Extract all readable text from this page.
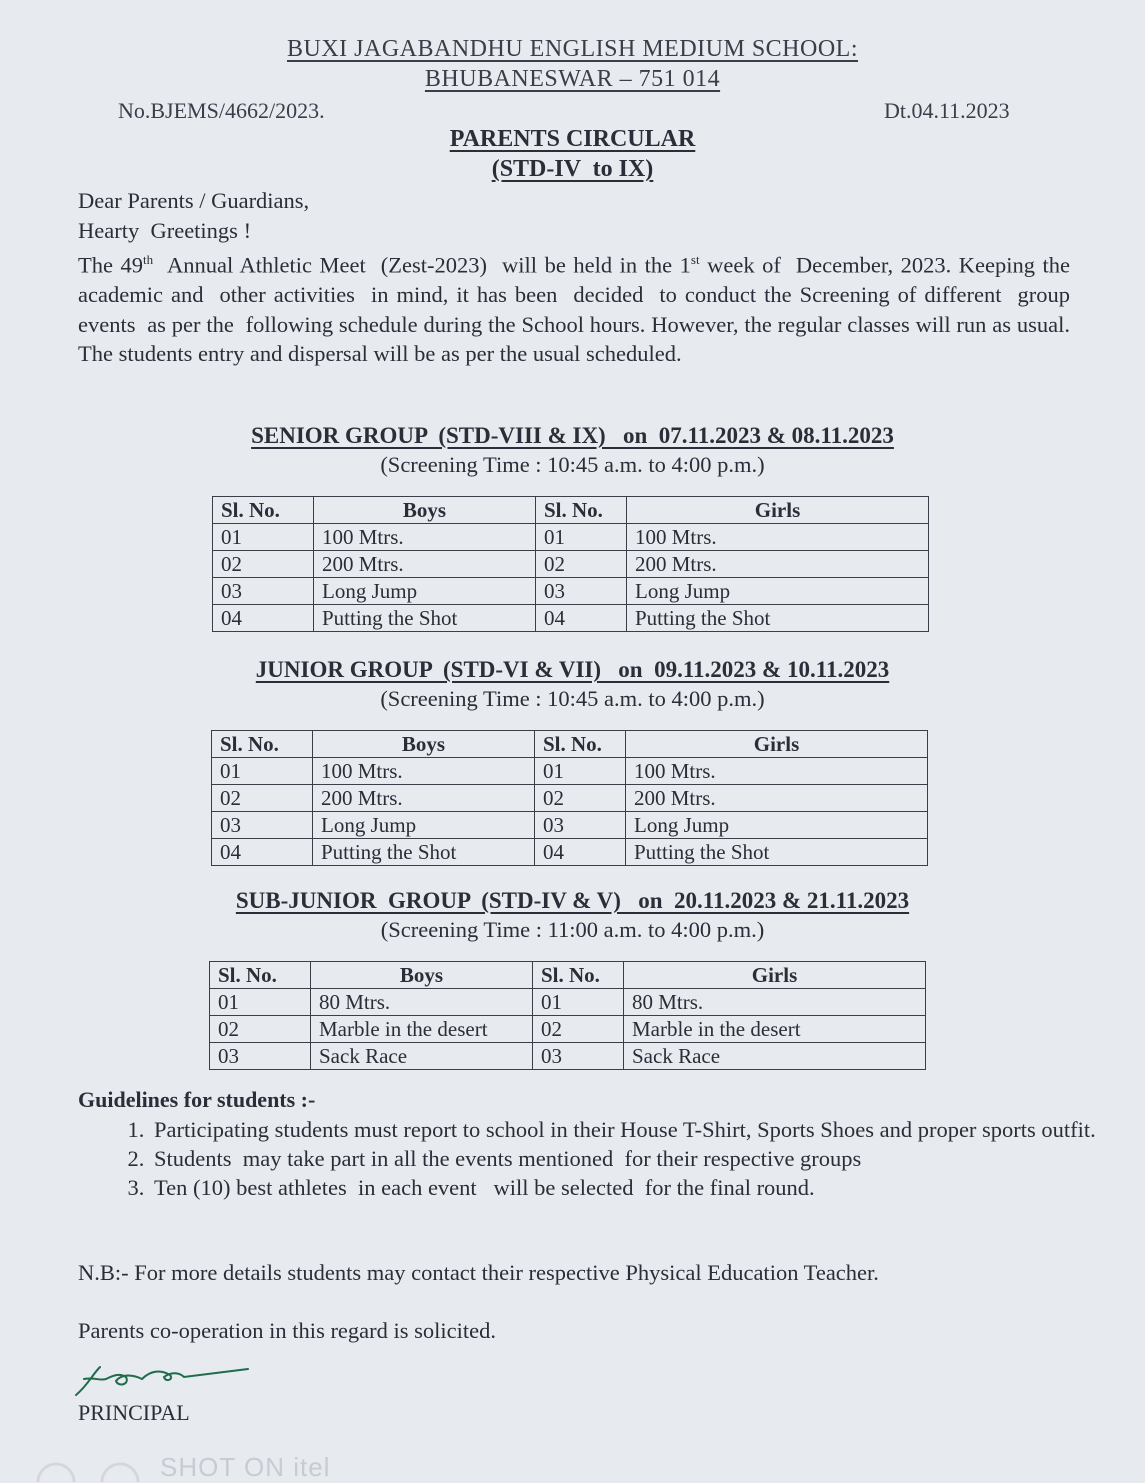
BUXI JAGABANDHU ENGLISH MEDIUM SCHOOL:
BHUBANESWAR – 751 014
No.BJEMS/4662/2023.	Dt.04.11.2023
PARENTS CIRCULAR
(STD-IV  to IX)

Dear Parents / Guardians,

Hearty  Greetings !

The 49th  Annual Athletic Meet  (Zest-2023)  will be held in the 1st week of  December, 2023. Keeping the academic and  other activities  in mind, it has been  decided  to conduct the Screening of different  group events  as per the  following schedule during the School hours. However, the regular classes will run as usual. The students entry and dispersal will be as per the usual scheduled.

SENIOR GROUP  (STD-VIII & IX)   on  07.11.2023 & 08.11.2023
(Screening Time : 10:45 a.m. to 4:00 p.m.)
Sl. No.	Boys	Sl. No.	Girls
01	100 Mtrs.	01	100 Mtrs.
02	200 Mtrs.	02	200 Mtrs.
03	Long Jump	03	Long Jump
04	Putting the Shot	04	Putting the Shot
JUNIOR GROUP  (STD-VI & VII)   on  09.11.2023 & 10.11.2023
(Screening Time : 10:45 a.m. to 4:00 p.m.)
Sl. No.	Boys	Sl. No.	Girls
01	100 Mtrs.	01	100 Mtrs.
02	200 Mtrs.	02	200 Mtrs.
03	Long Jump	03	Long Jump
04	Putting the Shot	04	Putting the Shot
SUB-JUNIOR  GROUP  (STD-IV & V)   on  20.11.2023 & 21.11.2023
(Screening Time : 11:00 a.m. to 4:00 p.m.)
Sl. No.	Boys	Sl. No.	Girls
01	80 Mtrs.	01	80 Mtrs.
02	Marble in the desert	02	Marble in the desert
03	Sack Race	03	Sack Race
Guidelines for students :-
1. Participating students must report to school in their House T-Shirt, Sports Shoes and proper sports outfit.
2. Students  may take part in all the events mentioned  for their respective groups
3. Ten (10) best athletes  in each event   will be selected  for the final round.
N.B:- For more details students may contact their respective Physical Education Teacher.
Parents co-operation in this regard is solicited.
PRINCIPAL
SHOT ON itel
